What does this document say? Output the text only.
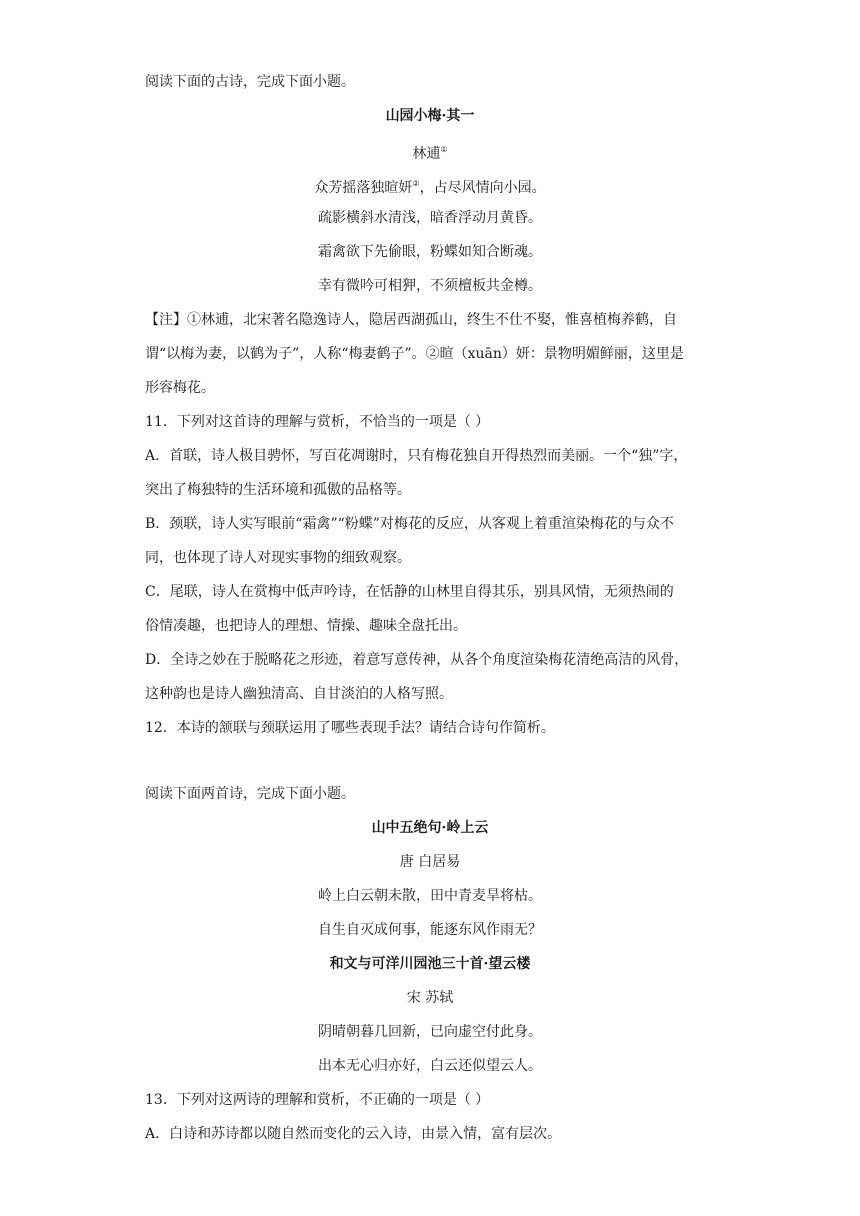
阅读下面的古诗，完成下面小题。
山园小梅·其一
林逋①
众芳摇落独暄妍②，占尽风情向小园。
疏影横斜水清浅，暗香浮动月黄昏。
霜禽欲下先偷眼，粉蝶如知合断魂。
幸有微吟可相狎，不须檀板共金樽。
【注】①林逋，北宋著名隐逸诗人，隐居西湖孤山，终生不仕不娶，惟喜植梅养鹤，自
谓“以梅为妻，以鹤为子”，人称“梅妻鹤子”。②暄（xuān）妍：景物明媚鲜丽，这里是
形容梅花。
11．下列对这首诗的理解与赏析，不恰当的一项是（ ）
A．首联，诗人极目骋怀，写百花凋谢时，只有梅花独自开得热烈而美丽。一个“独”字，
突出了梅独特的生活环境和孤傲的品格等。
B．颈联，诗人实写眼前“霜禽”“粉蝶”对梅花的反应，从客观上着重渲染梅花的与众不
同，也体现了诗人对现实事物的细致观察。
C．尾联，诗人在赏梅中低声吟诗，在恬静的山林里自得其乐，别具风情，无须热闹的
俗情凑趣，也把诗人的理想、情操、趣味全盘托出。
D．全诗之妙在于脱略花之形迹，着意写意传神，从各个角度渲染梅花清绝高洁的风骨，
这种韵也是诗人幽独清高、自甘淡泊的人格写照。
12．本诗的颔联与颈联运用了哪些表现手法？请结合诗句作简析。
阅读下面两首诗，完成下面小题。
山中五绝句·岭上云
唐 白居易
岭上白云朝未散，田中青麦旱将枯。
自生自灭成何事，能逐东风作雨无？
和文与可洋川园池三十首·望云楼
宋 苏轼
阴晴朝暮几回新，已向虚空付此身。
出本无心归亦好，白云还似望云人。
13．下列对这两诗的理解和赏析，不正确的一项是（ ）
A．白诗和苏诗都以随自然而变化的云入诗，由景入情，富有层次。
